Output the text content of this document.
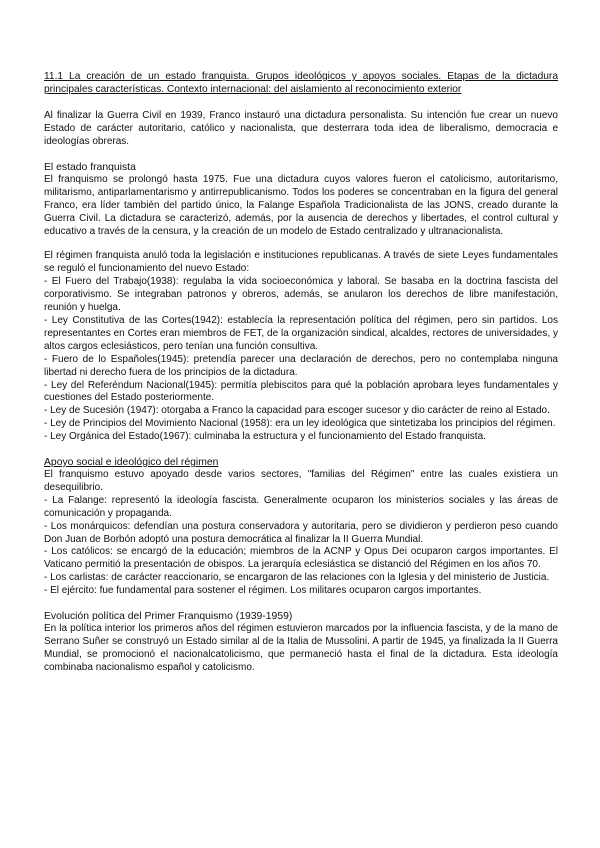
11.1 La creación de un estado franquista. Grupos ideológicos y apoyos sociales. Etapas de la dictadura principales características. Contexto internacional: del aislamiento al reconocimiento exterior

Al finalizar la Guerra Civil en 1939, Franco instauró una dictadura personalista. Su intención fue crear un nuevo Estado de carácter autoritario, católico y nacionalista, que desterrara toda idea de liberalismo, democracia e ideologías obreras.

El estado franquista

El franquismo se prolongó hasta 1975. Fue una dictadura cuyos valores fueron el catolicismo, autoritarismo, militarismo, antiparlamentarismo y antirrepublicanismo. Todos los poderes se concentraban en la figura del general Franco, era líder también del partido único, la Falange Española Tradicionalista de las JONS, creado durante la Guerra Civil. La dictadura se caracterizó, además, por la ausencia de derechos y libertades, el control cultural y educativo a través de la censura, y la creación de un modelo de Estado centralizado y ultranacionalista.

El régimen franquista anuló toda la legislación e instituciones republicanas. A través de siete Leyes fundamentales se reguló el funcionamiento del nuevo Estado:

- El Fuero del Trabajo(1938): regulaba la vida socioeconómica y laboral. Se basaba en la doctrina fascista del corporativismo. Se integraban patronos y obreros, además, se anularon los derechos de libre manifestación, reunión y huelga.

- Ley Constitutiva de las Cortes(1942): establecía la representación política del régimen, pero sin partidos. Los representantes en Cortes eran miembros de FET, de la organización sindical, alcaldes, rectores de universidades, y altos cargos eclesiásticos, pero tenían una función consultiva.

- Fuero de lo Españoles(1945): pretendía parecer una declaración de derechos, pero no contemplaba ninguna libertad ni derecho fuera de los principios de la dictadura.

- Ley del Referéndum Nacional(1945): permitía plebiscitos para qué la población aprobara leyes fundamentales y cuestiones del Estado posteriormente.

- Ley de Sucesión (1947): otorgaba a Franco la capacidad para escoger sucesor y dio carácter de reino al Estado.

- Ley de Principios del Movimiento Nacional (1958): era un ley ideológica que sintetizaba los principios del régimen.

- Ley Orgánica del Estado(1967): culminaba la estructura y el funcionamiento del Estado franquista.

Apoyo social e ideológico del régimen

El franquismo estuvo apoyado desde varios sectores, "familias del Régimen" entre las cuales existiera un desequilibrio.

- La Falange: representó la ideología fascista. Generalmente ocuparon los ministerios sociales y las áreas de comunicación y propaganda.

- Los monárquicos: defendían una postura conservadora y autoritaria, pero se dividieron y perdieron peso cuando Don Juan de Borbón adoptó una postura democrática al finalizar la II Guerra Mundial.

- Los católicos: se encargó de la educación; miembros de la ACNP y Opus Dei ocuparon cargos importantes. El Vaticano permitió la presentación de obispos. La jerarquía eclesiástica se distanció del Régimen en los años 70.

- Los carlistas: de carácter reaccionario, se encargaron de las relaciones con la Iglesia y del ministerio de Justicia.

- El ejército: fue fundamental para sostener el régimen. Los militares ocuparon cargos importantes.

Evolución política del Primer Franquismo (1939-1959)

En la política interior los primeros años del régimen estuvieron marcados por la influencia fascista, y de la mano de Serrano Suñer se construyó un Estado similar al de la Italia de Mussolini. A partir de 1945, ya finalizada la II Guerra Mundial, se promocionó el nacionalcatolicismo, que permaneció hasta el final de la dictadura. Esta ideología combinaba nacionalismo español y catolicismo.
